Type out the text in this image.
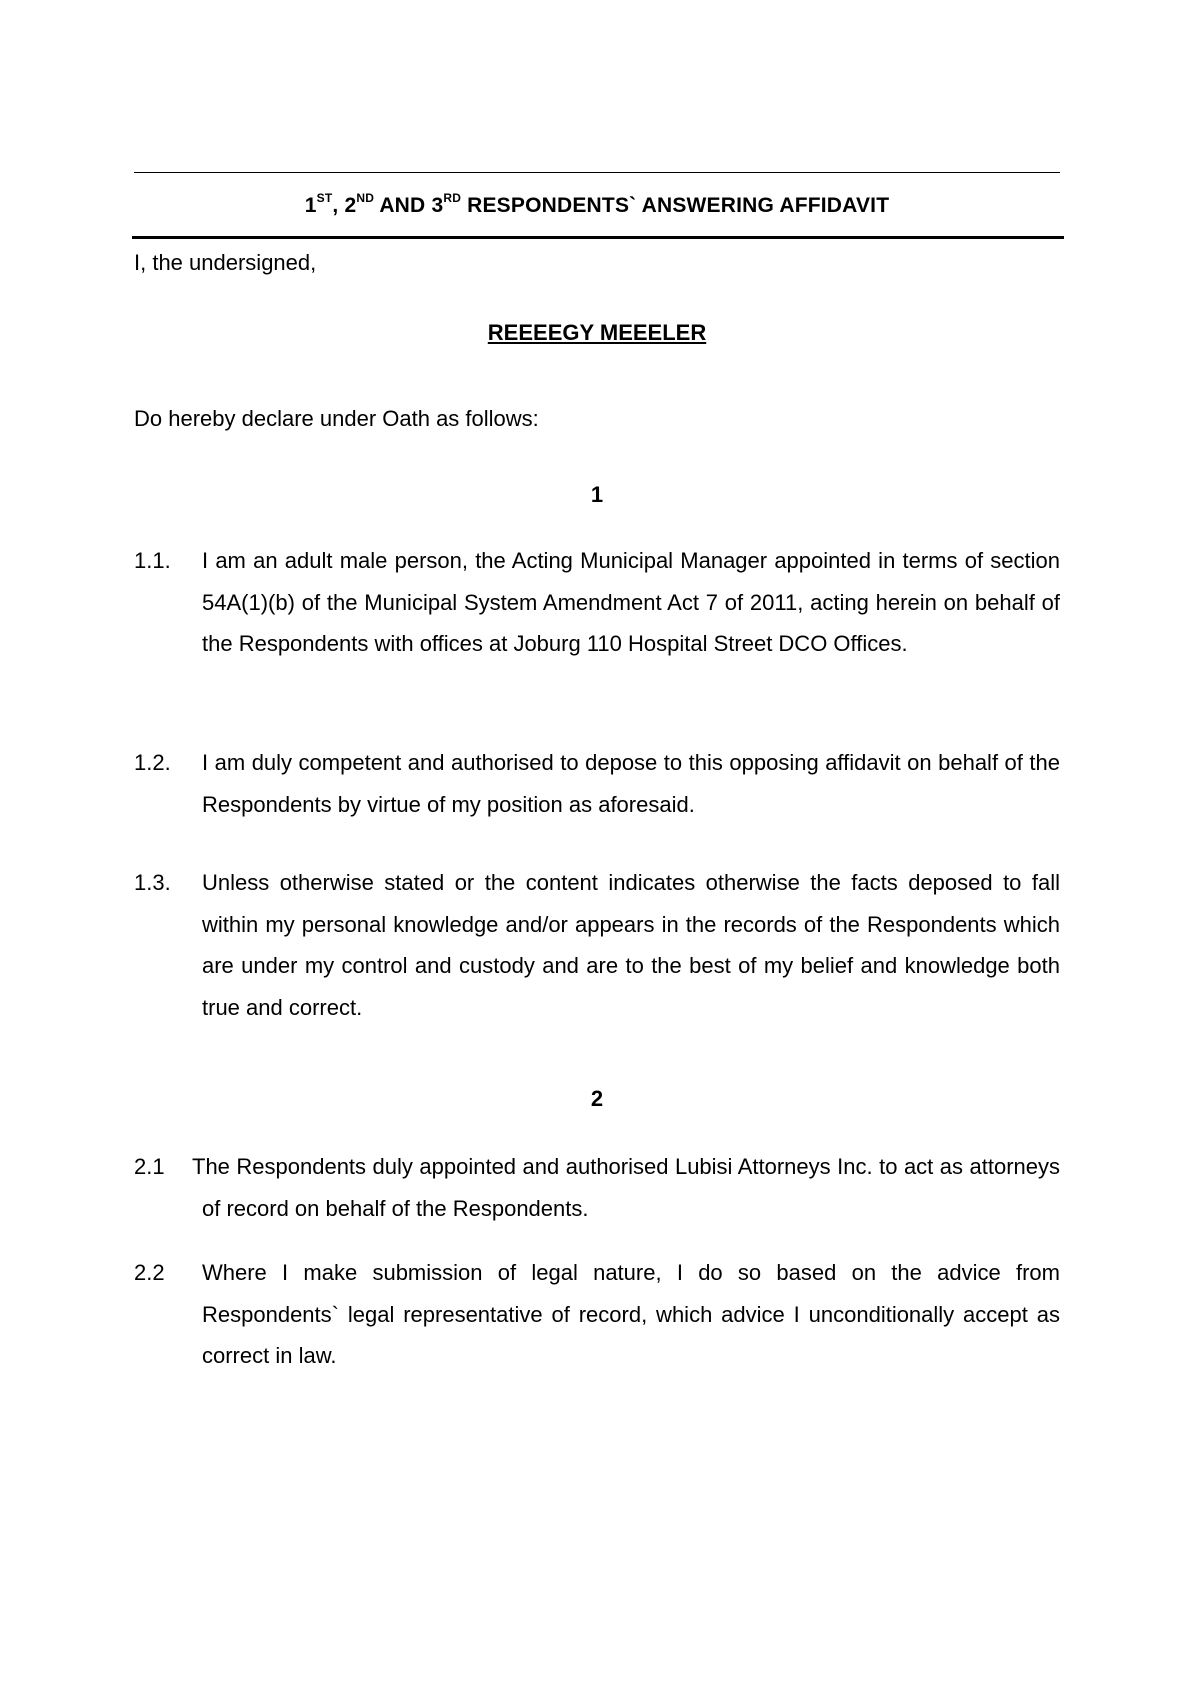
1ST, 2ND AND 3RD RESPONDENTS` ANSWERING AFFIDAVIT
I, the undersigned,
REEEEGY MEEELER
Do hereby declare under Oath as follows:
1
1.1. I am an adult male person, the Acting Municipal Manager appointed in terms of section 54A(1)(b) of the Municipal System Amendment Act 7 of 2011, acting herein on behalf of the Respondents with offices at Joburg 110 Hospital Street DCO Offices.
1.2. I am duly competent and authorised to depose to this opposing affidavit on behalf of the Respondents by virtue of my position as aforesaid.
1.3. Unless otherwise stated or the content indicates otherwise the facts deposed to fall within my personal knowledge and/or appears in the records of the Respondents which are under my control and custody and are to the best of my belief and knowledge both true and correct.
2
2.1 The Respondents duly appointed and authorised Lubisi Attorneys Inc. to act as attorneys of record on behalf of the Respondents.
2.2 Where I make submission of legal nature, I do so based on the advice from Respondents` legal representative of record, which advice I unconditionally accept as correct in law.
